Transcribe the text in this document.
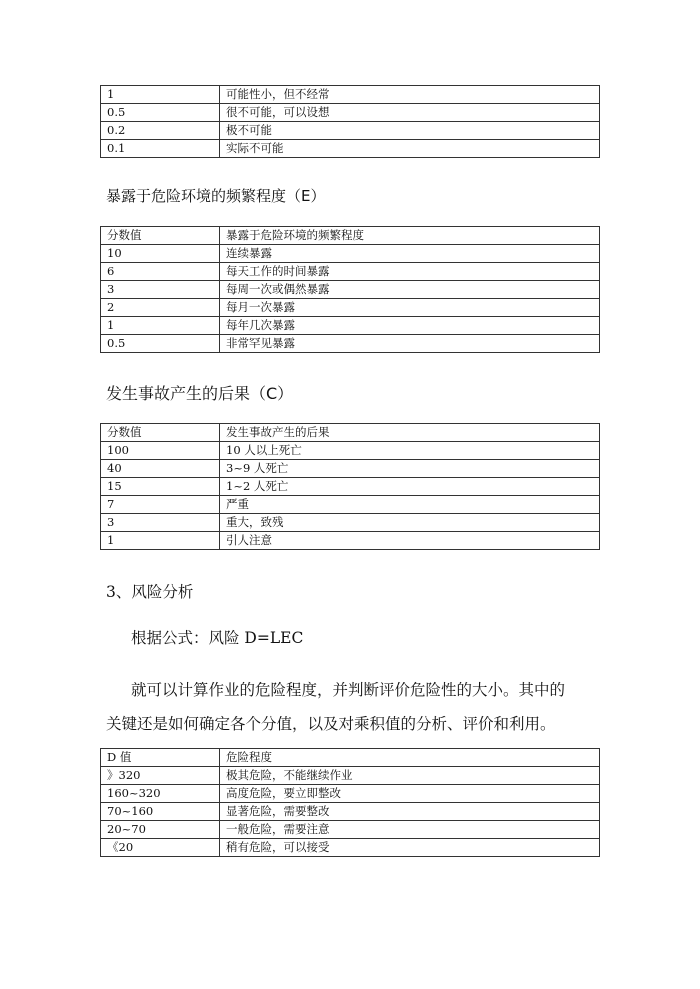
1	可能性小，但不经常
0.5	很不可能，可以设想
0.2	极不可能
0.1	实际不可能
暴露于危险环境的频繁程度（E）
分数值	暴露于危险环境的频繁程度
10	连续暴露
6	每天工作的时间暴露
3	每周一次或偶然暴露
2	每月一次暴露
1	每年几次暴露
0.5	非常罕见暴露
发生事故产生的后果（C）
分数值	发生事故产生的后果
100	10 人以上死亡
40	3~9 人死亡
15	1~2 人死亡
7	严重
3	重大，致残
1	引人注意
3、风险分析
根据公式：风险 D=LEC
就可以计算作业的危险程度，并判断评价危险性的大小。其中的
关键还是如何确定各个分值，以及对乘积值的分析、评价和利用。
D 值	危险程度
》320	极其危险，不能继续作业
160~320	高度危险，要立即整改
70~160	显著危险，需要整改
20~70	一般危险，需要注意
《20	稍有危险，可以接受
